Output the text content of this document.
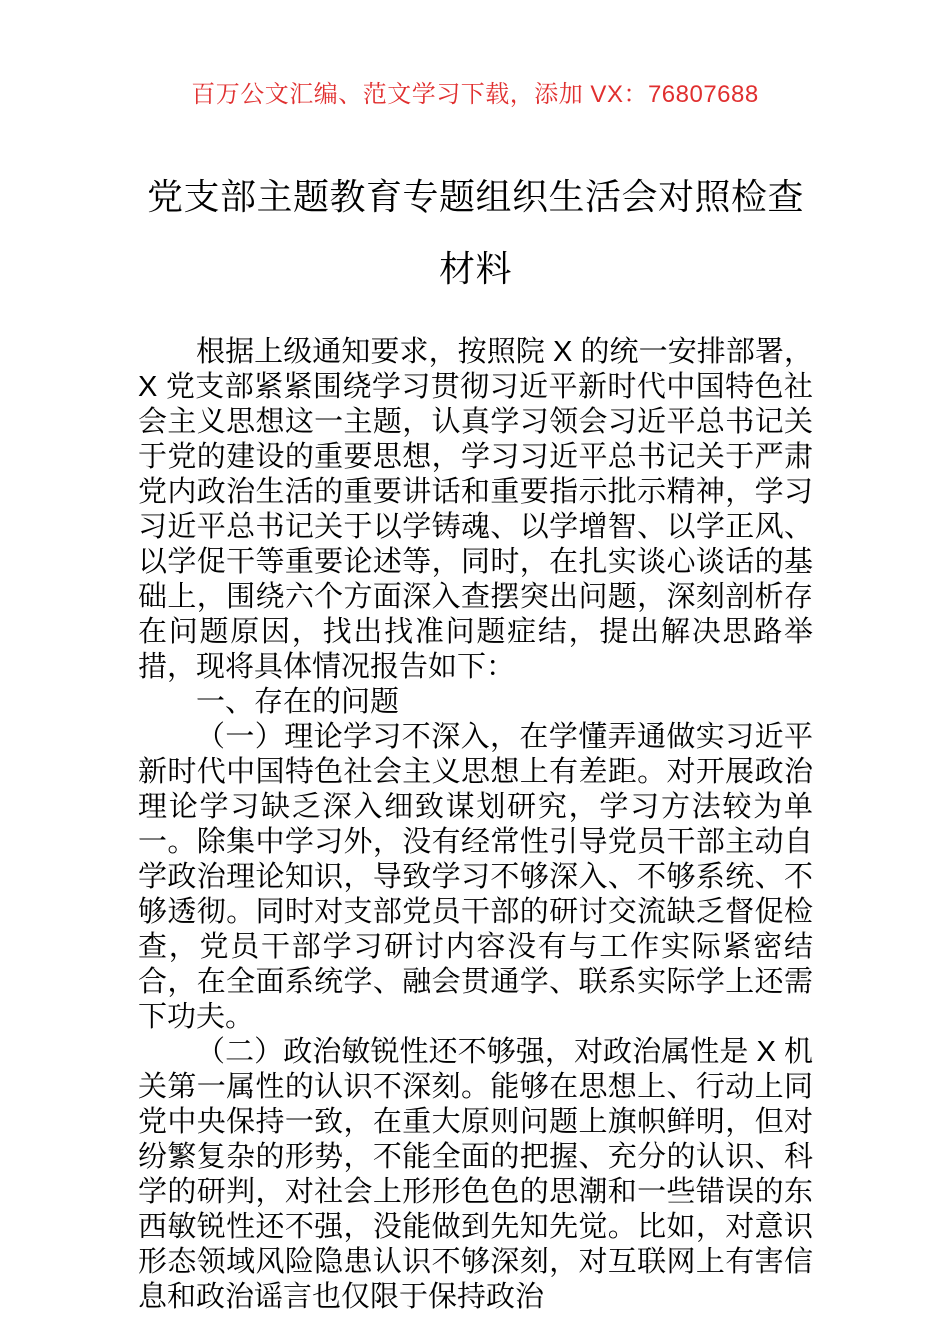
百万公文汇编、范文学习下载，添加 VX：76807688
党支部主题教育专题组织生活会对照检查材料

根据上级通知要求，按照院 X 的统一安排部署，X 党支部紧紧围绕学习贯彻习近平新时代中国特色社会主义思想这一主题，认真学习领会习近平总书记关于党的建设的重要思想，学习习近平总书记关于严肃党内政治生活的重要讲话和重要指示批示精神，学习习近平总书记关于以学铸魂、以学增智、以学正风、以学促干等重要论述等，同时，在扎实谈心谈话的基础上，围绕六个方面深入查摆突出问题，深刻剖析存在问题原因，找出找准问题症结，提出解决思路举措，现将具体情况报告如下：

一、存在的问题

（一）理论学习不深入，在学懂弄通做实习近平新时代中国特色社会主义思想上有差距。对开展政治理论学习缺乏深入细致谋划研究，学习方法较为单一。除集中学习外，没有经常性引导党员干部主动自学政治理论知识，导致学习不够深入、不够系统、不够透彻。同时对支部党员干部的研讨交流缺乏督促检查，党员干部学习研讨内容没有与工作实际紧密结合，在全面系统学、融会贯通学、联系实际学上还需下功夫。

（二）政治敏锐性还不够强，对政治属性是 X 机关第一属性的认识不深刻。能够在思想上、行动上同党中央保持一致，在重大原则问题上旗帜鲜明，但对纷繁复杂的形势，不能全面的把握、充分的认识、科学的研判，对社会上形形色色的思潮和一些错误的东西敏锐性还不强，没能做到先知先觉。比如，对意识形态领域风险隐患认识不够深刻，对互联网上有害信息和政治谣言也仅限于保持政治
